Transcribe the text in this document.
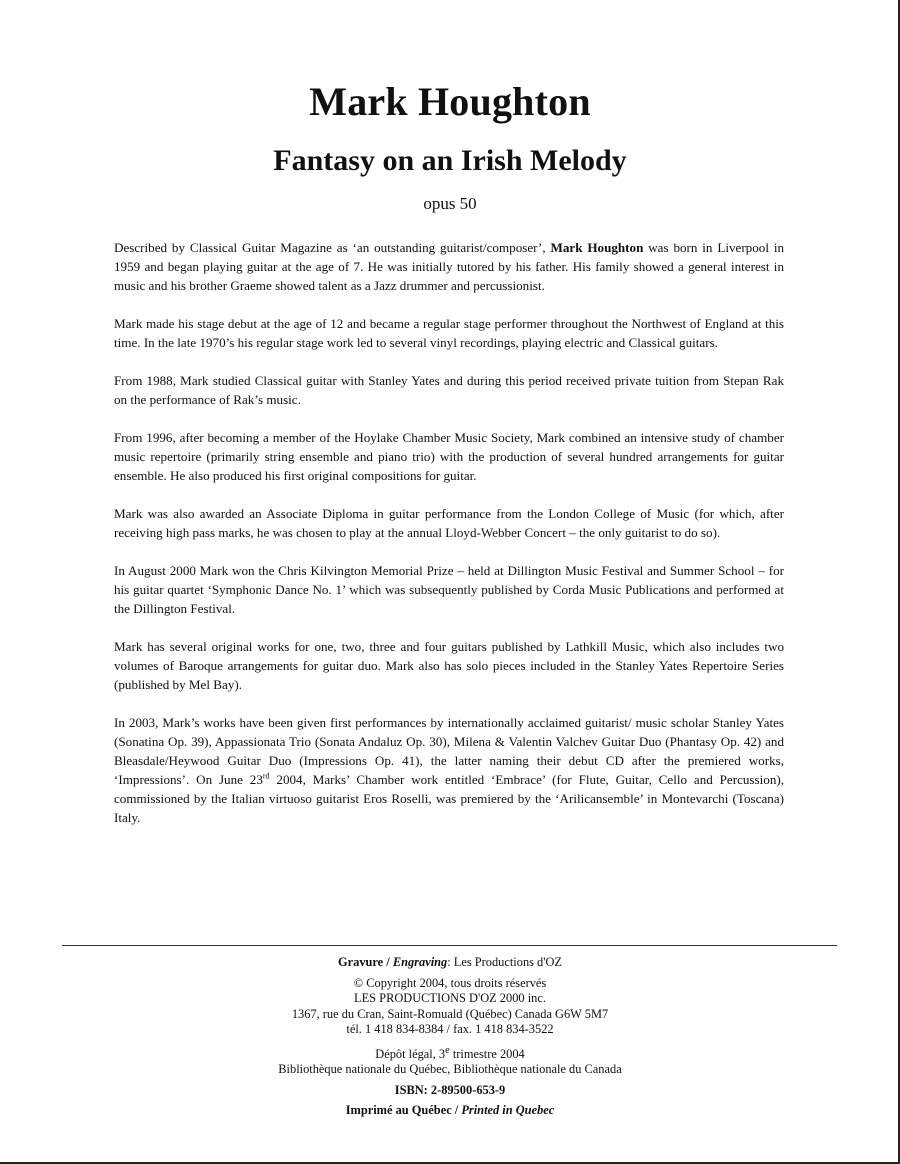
Mark Houghton
Fantasy on an Irish Melody
opus 50

Described by Classical Guitar Magazine as ‘an outstanding guitarist/composer’, Mark Houghton was born in Liverpool in 1959 and began playing guitar at the age of 7. He was initially tutored by his father. His family showed a general interest in music and his brother Graeme showed talent as a Jazz drummer and percussionist.

Mark made his stage debut at the age of 12 and became a regular stage performer throughout the Northwest of England at this time. In the late 1970’s his regular stage work led to several vinyl recordings, playing electric and Classical guitars.

From 1988, Mark studied Classical guitar with Stanley Yates and during this period received private tuition from Stepan Rak on the performance of Rak’s music.

From 1996, after becoming a member of the Hoylake Chamber Music Society, Mark combined an intensive study of chamber music repertoire (primarily string ensemble and piano trio) with the production of several hundred arrangements for guitar ensemble. He also produced his first original compositions for guitar.

Mark was also awarded an Associate Diploma in guitar performance from the London College of Music (for which, after receiving high pass marks, he was chosen to play at the annual Lloyd-Webber Concert – the only guitarist to do so).

In August 2000 Mark won the Chris Kilvington Memorial Prize – held at Dillington Music Festival and Summer School – for his guitar quartet ‘Symphonic Dance No. 1’ which was subsequently published by Corda Music Publications and performed at the Dillington Festival.

Mark has several original works for one, two, three and four guitars published by Lathkill Music, which also includes two volumes of Baroque arrangements for guitar duo. Mark also has solo pieces included in the Stanley Yates Repertoire Series (published by Mel Bay).

In 2003, Mark’s works have been given first performances by internationally acclaimed guitarist/ music scholar Stanley Yates (Sonatina Op. 39), Appassionata Trio (Sonata Andaluz Op. 30), Milena & Valentin Valchev Guitar Duo (Phantasy Op. 42) and Bleasdale/Heywood Guitar Duo (Impressions Op. 41), the latter naming their debut CD after the premiered works, ‘Impressions’. On June 23rd 2004, Marks’ Chamber work entitled ‘Embrace’ (for Flute, Guitar, Cello and Percussion), commissioned by the Italian virtuoso guitarist Eros Roselli, was premiered by the ‘Arilicansemble’ in Montevarchi (Toscana) Italy.

Gravure / Engraving: Les Productions d'OZ
© Copyright 2004, tous droits réservés
LES PRODUCTIONS D'OZ 2000 inc.
1367, rue du Cran, Saint-Romuald (Québec) Canada G6W 5M7
tél. 1 418 834-8384 / fax. 1 418 834-3522
Dépôt légal, 3e trimestre 2004
Bibliothèque nationale du Québec, Bibliothèque nationale du Canada
ISBN: 2-89500-653-9
Imprimé au Québec / Printed in Quebec
